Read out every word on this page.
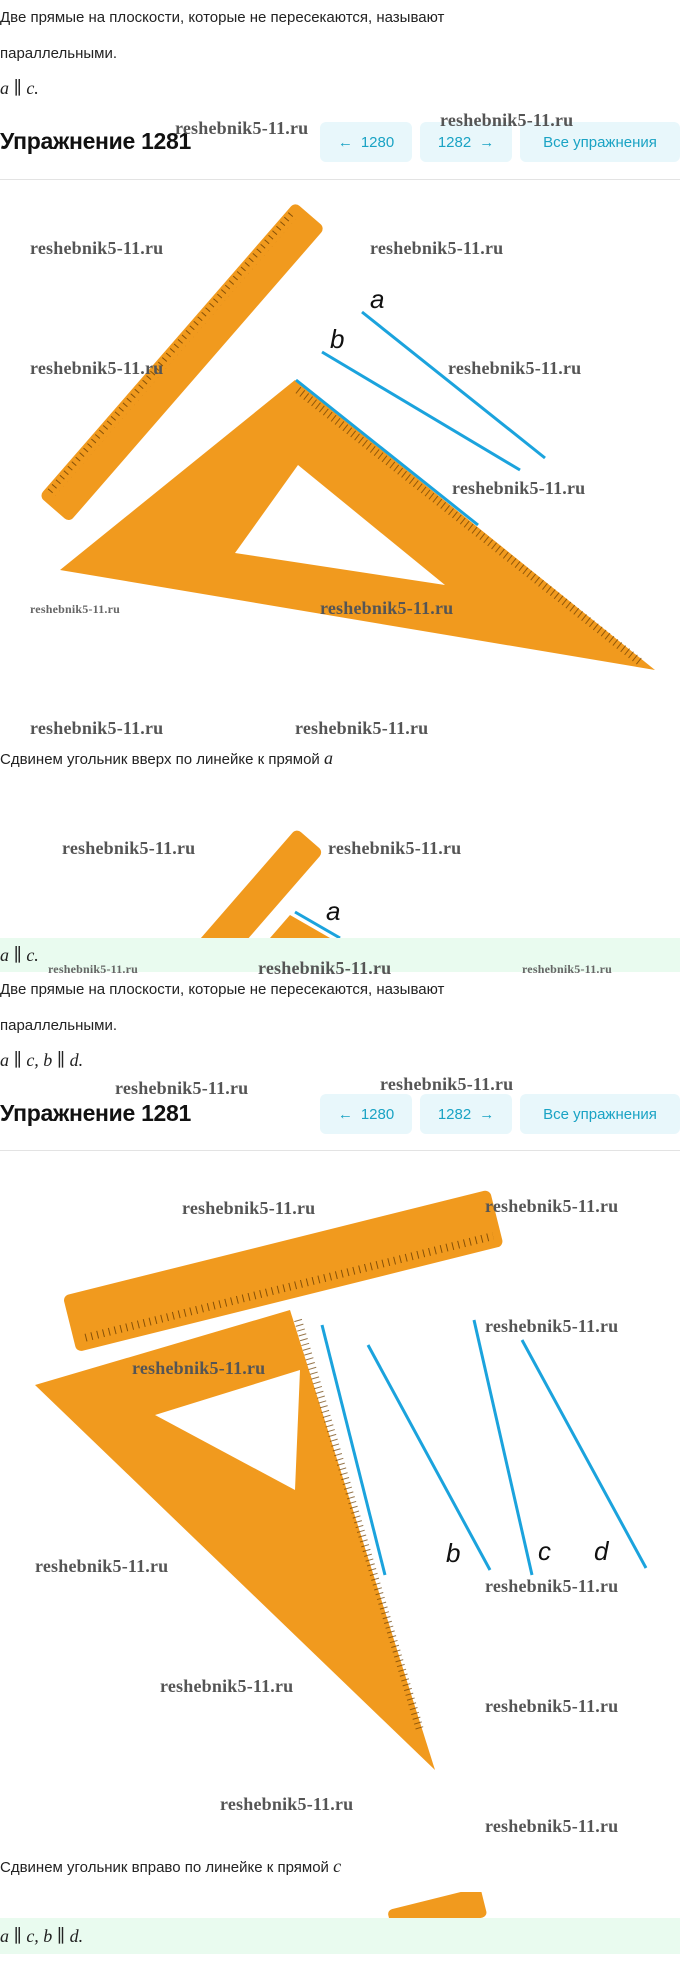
Две прямые на плоскости, которые не пересекаются, называют
параллельными.
a ∥ c.
Упражнение 1281	← 1280	1282 →	Все упражнения
a
b
Сдвинем угольник вверх по линейке к прямой a
a
a ∥ c.
Две прямые на плоскости, которые не пересекаются, называют
параллельными.
a ∥ c, b ∥ d.
Упражнение 1281	← 1280	1282 →	Все упражнения
b	c d
Сдвинем угольник вправо по линейке к прямой c
a ∥ c, b ∥ d.
reshebnik5-11.ru	reshebnik5-11.ru
reshebnik5-11.ru	reshebnik5-11.ru
reshebnik5-11.ru	reshebnik5-11.ru
reshebnik5-11.ru
reshebnik5-11.ru	reshebnik5-11.ru
reshebnik5-11.ru	reshebnik5-11.ru
reshebnik5-11.ru	reshebnik5-11.ru
reshebnik5-11.ru	reshebnik5-11.ru	reshebnik5-11.ru
reshebnik5-11.ru	reshebnik5-11.ru
reshebnik5-11.ru	reshebnik5-11.ru
reshebnik5-11.ru
reshebnik5-11.ru
reshebnik5-11.ru
reshebnik5-11.ru
reshebnik5-11.ru
reshebnik5-11.ru
reshebnik5-11.ru
reshebnik5-11.ru
